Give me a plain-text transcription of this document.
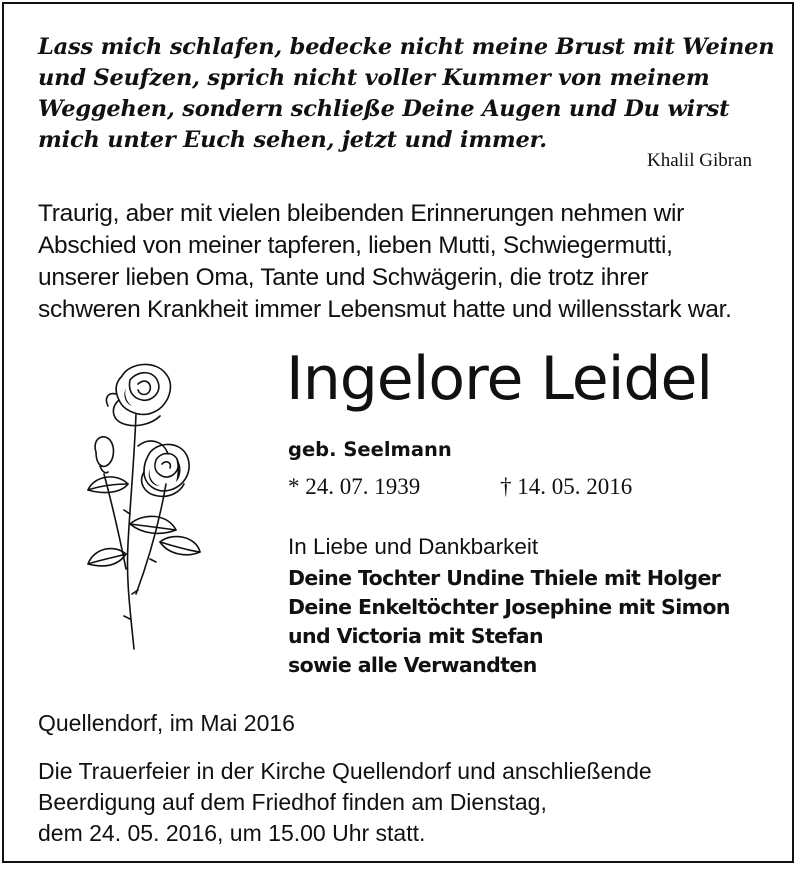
Lass mich schlafen, bedecke nicht meine Brust mit Weinen
und Seufzen, sprich nicht voller Kummer von meinem
Weggehen, sondern schließe Deine Augen und Du wirst
mich unter Euch sehen, jetzt und immer.
Khalil Gibran
Traurig, aber mit vielen bleibenden Erinnerungen nehmen wir
Abschied von meiner tapferen, lieben Mutti, Schwiegermutti,
unserer lieben Oma, Tante und Schwägerin, die trotz ihrer
schweren Krankheit immer Lebensmut hatte und willensstark war.
Ingelore Leidel
geb. Seelmann
* 24. 07. 1939	† 14. 05. 2016
In Liebe und Dankbarkeit
Deine Tochter Undine Thiele mit Holger
Deine Enkeltöchter Josephine mit Simon
und Victoria mit Stefan
sowie alle Verwandten
Quellendorf, im Mai 2016
Die Trauerfeier in der Kirche Quellendorf und anschließende
Beerdigung auf dem Friedhof finden am Dienstag,
dem 24. 05. 2016, um 15.00 Uhr statt.
